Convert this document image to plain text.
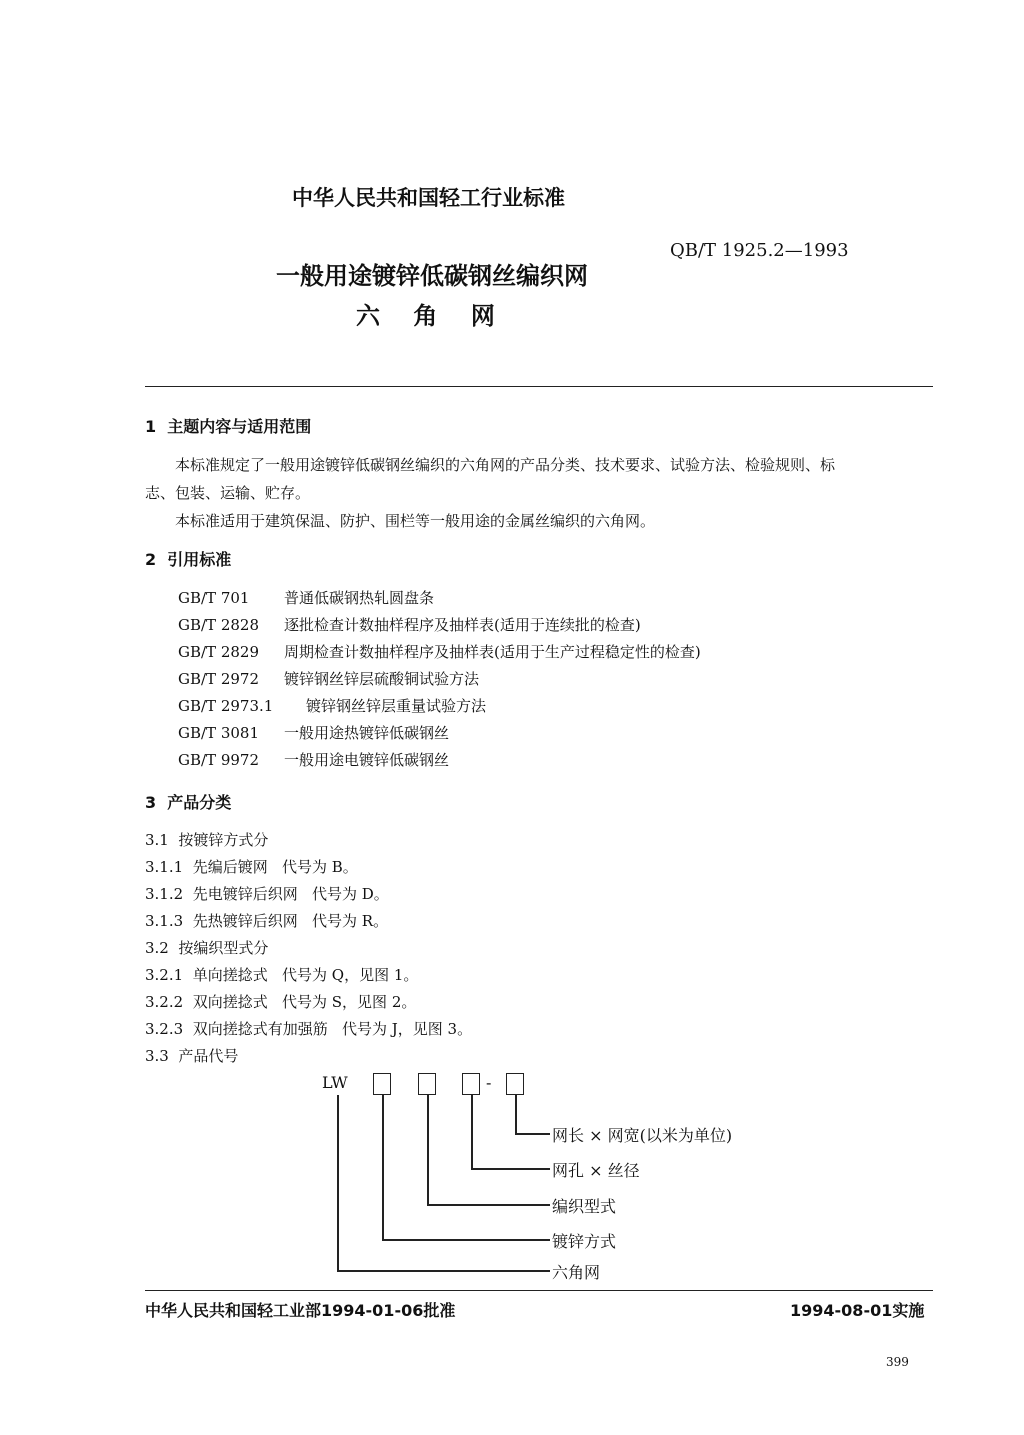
中华人民共和国轻工行业标准
一般用途镀锌低碳钢丝编织网
六    角    网
QB/T 1925.2—1993
1  主题内容与适用范围
本标准规定了一般用途镀锌低碳钢丝编织的六角网的产品分类、技术要求、试验方法、检验规则、标
志、包装、运输、贮存。
本标准适用于建筑保温、防护、围栏等一般用途的金属丝编织的六角网。
2  引用标准
GB/T 701 普通低碳钢热轧圆盘条
GB/T 2828 逐批检查计数抽样程序及抽样表(适用于连续批的检查)
GB/T 2829 周期检查计数抽样程序及抽样表(适用于生产过程稳定性的检查)
GB/T 2972 镀锌钢丝锌层硫酸铜试验方法
GB/T 2973.1 镀锌钢丝锌层重量试验方法
GB/T 3081 一般用途热镀锌低碳钢丝
GB/T 9972 一般用途电镀锌低碳钢丝
3  产品分类
3.1  按镀锌方式分
3.1.1  先编后镀网   代号为 B。
3.1.2  先电镀锌后织网   代号为 D。
3.1.3  先热镀锌后织网   代号为 R。
3.2  按编织型式分
3.2.1  单向搓捻式   代号为 Q，见图 1。
3.2.2  双向搓捻式   代号为 S，见图 2。
3.2.3  双向搓捻式有加强筋   代号为 J，见图 3。
3.3  产品代号
LW	-
网长 × 网宽(以米为单位)
网孔 × 丝径
编织型式
镀锌方式
六角网
中华人民共和国轻工业部1994-01-06批准	1994-08-01实施
399
